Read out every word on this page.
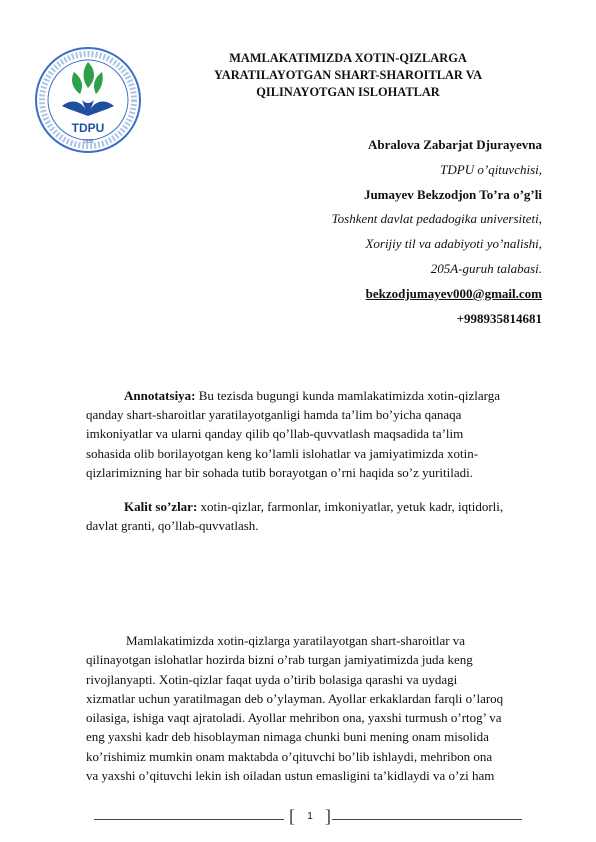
TDPU
1935
MAMLAKATIMIZDA XOTIN-QIZLARGA
YARATILAYOTGAN SHART-SHAROITLAR VA
QILINAYOTGAN ISLOHATLAR
Abralova Zabarjat Djurayevna
TDPU o’qituvchisi,
Jumayev Bekzodjon To’ra o’g’li
Toshkent davlat pedadogika universiteti,
Xorijiy til va adabiyoti yo’nalishi,
205A-guruh talabasi.
bekzodjumayev000@gmail.com
+998935814681
Annotatsiya: Bu tezisda bugungi kunda mamlakatimizda xotin-qizlarga
qanday shart-sharoitlar yaratilayotganligi hamda ta’lim bo’yicha qanaqa
imkoniyatlar va ularni qanday qilib qo’llab-quvvatlash maqsadida ta’lim
sohasida olib borilayotgan keng ko’lamli islohatlar va jamiyatimizda xotin-
qizlarimizning har bir sohada tutib borayotgan o’rni haqida so’z yuritiladi.
Kalit so’zlar: xotin-qizlar, farmonlar, imkoniyatlar, yetuk kadr, iqtidorli,
davlat granti, qo’llab-quvvatlash.
Mamlakatimizda xotin-qizlarga yaratilayotgan shart-sharoitlar va
qilinayotgan islohatlar hozirda bizni o’rab turgan jamiyatimizda juda keng
rivojlanyapti. Xotin-qizlar faqat uyda o’tirib bolasiga qarashi va uydagi
xizmatlar uchun yaratilmagan deb o’ylayman. Ayollar erkaklardan farqli o’laroq
oilasiga, ishiga vaqt ajratoladi. Ayollar mehribon ona, yaxshi turmush o’rtog’ va
eng yaxshi kadr deb hisoblayman nimaga chunki buni mening onam misolida
ko’rishimiz mumkin onam maktabda o’qituvchi bo’lib ishlaydi, mehribon ona
va yaxshi o’qituvchi lekin ish oiladan ustun emasligini ta’kidlaydi va o’zi ham
[ ]
1
